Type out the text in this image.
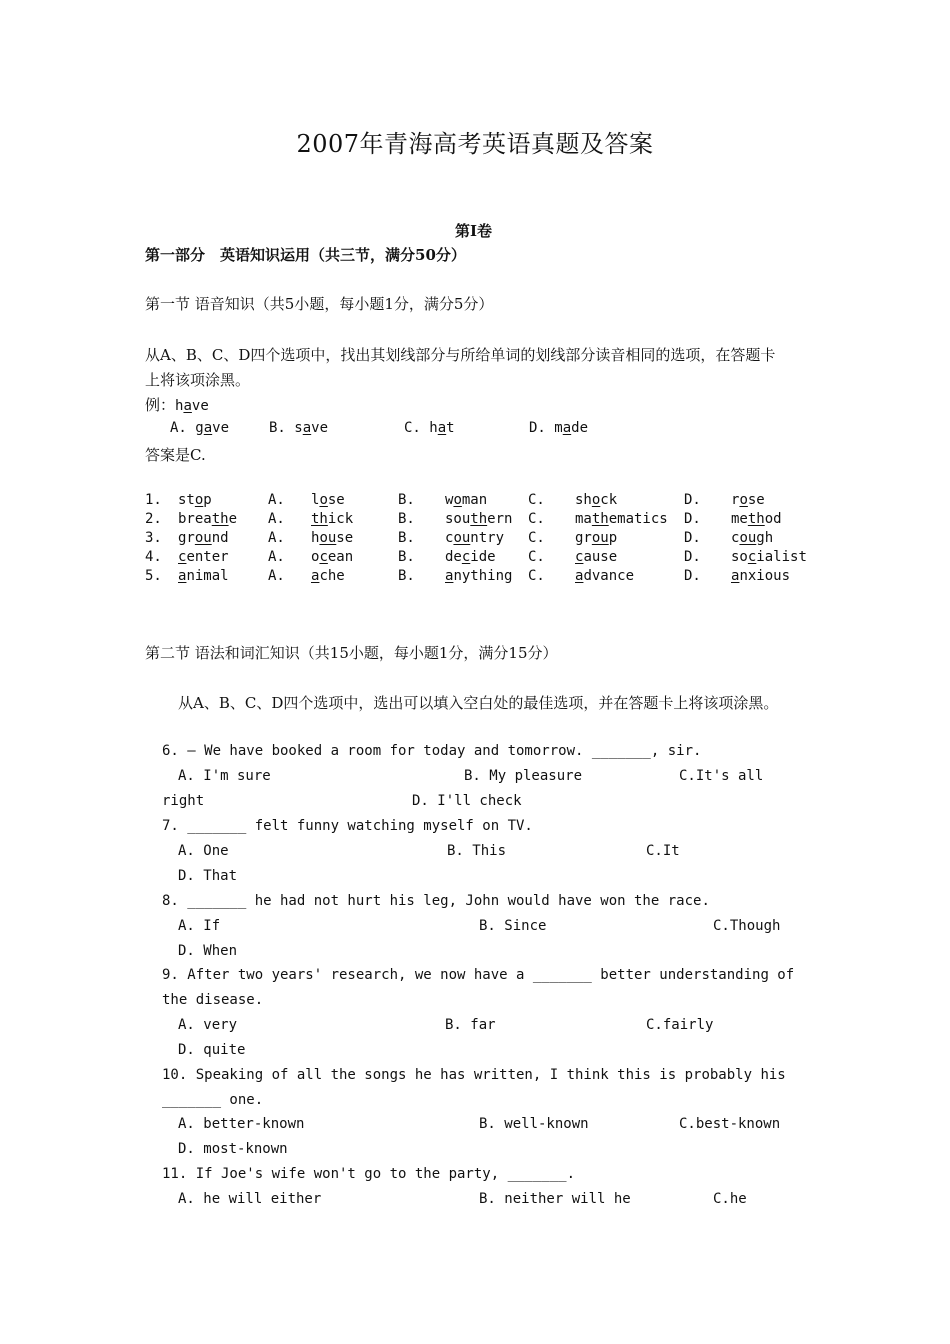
2007年青海高考英语真题及答案
第Ⅰ卷
第一部分　英语知识运用（共三节，满分50分）
第一节 语音知识（共5小题，每小题1分，满分5分）
从A、B、C、D四个选项中，找出其划线部分与所给单词的划线部分读音相同的选项，在答题卡
上将该项涂黑。
例：have
A. gave	B. save	C. hat	D. made
答案是C.
1. stop	A. lose	B. woman	C. shock	D. rose
2. breathe A. thick	B. southern C. mathematics D. method
3. ground	A. house	B. country C. group	D. cough
4. center	A. ocean	B. decide C. cause	D. socialist
5. animal	A. ache	B. anything C. advance	D. anxious
第二节 语法和词汇知识（共15小题，每小题1分，满分15分）
从A、B、C、D四个选项中，选出可以填入空白处的最佳选项，并在答题卡上将该项涂黑。
6. — We have booked a room for today and tomorrow. _______, sir.
A. I'm sure	B. My pleasure	C.It's all
right	D. I'll check
7. _______ felt funny watching myself on TV.
A. One	B. This	C.It
D. That
8. _______ he had not hurt his leg, John would have won the race.
A. If	B. Since	C.Though
D. When
9. After two years' research, we now have a _______ better understanding of
the disease.
A. very	B. far	C.fairly
D. quite
10. Speaking of all the songs he has written, I think this is probably his
_______ one.
A. better-known	B. well-known	C.best-known
D. most-known
11. If Joe's wife won't go to the party, _______.
A. he will either	B. neither will he	C.he
